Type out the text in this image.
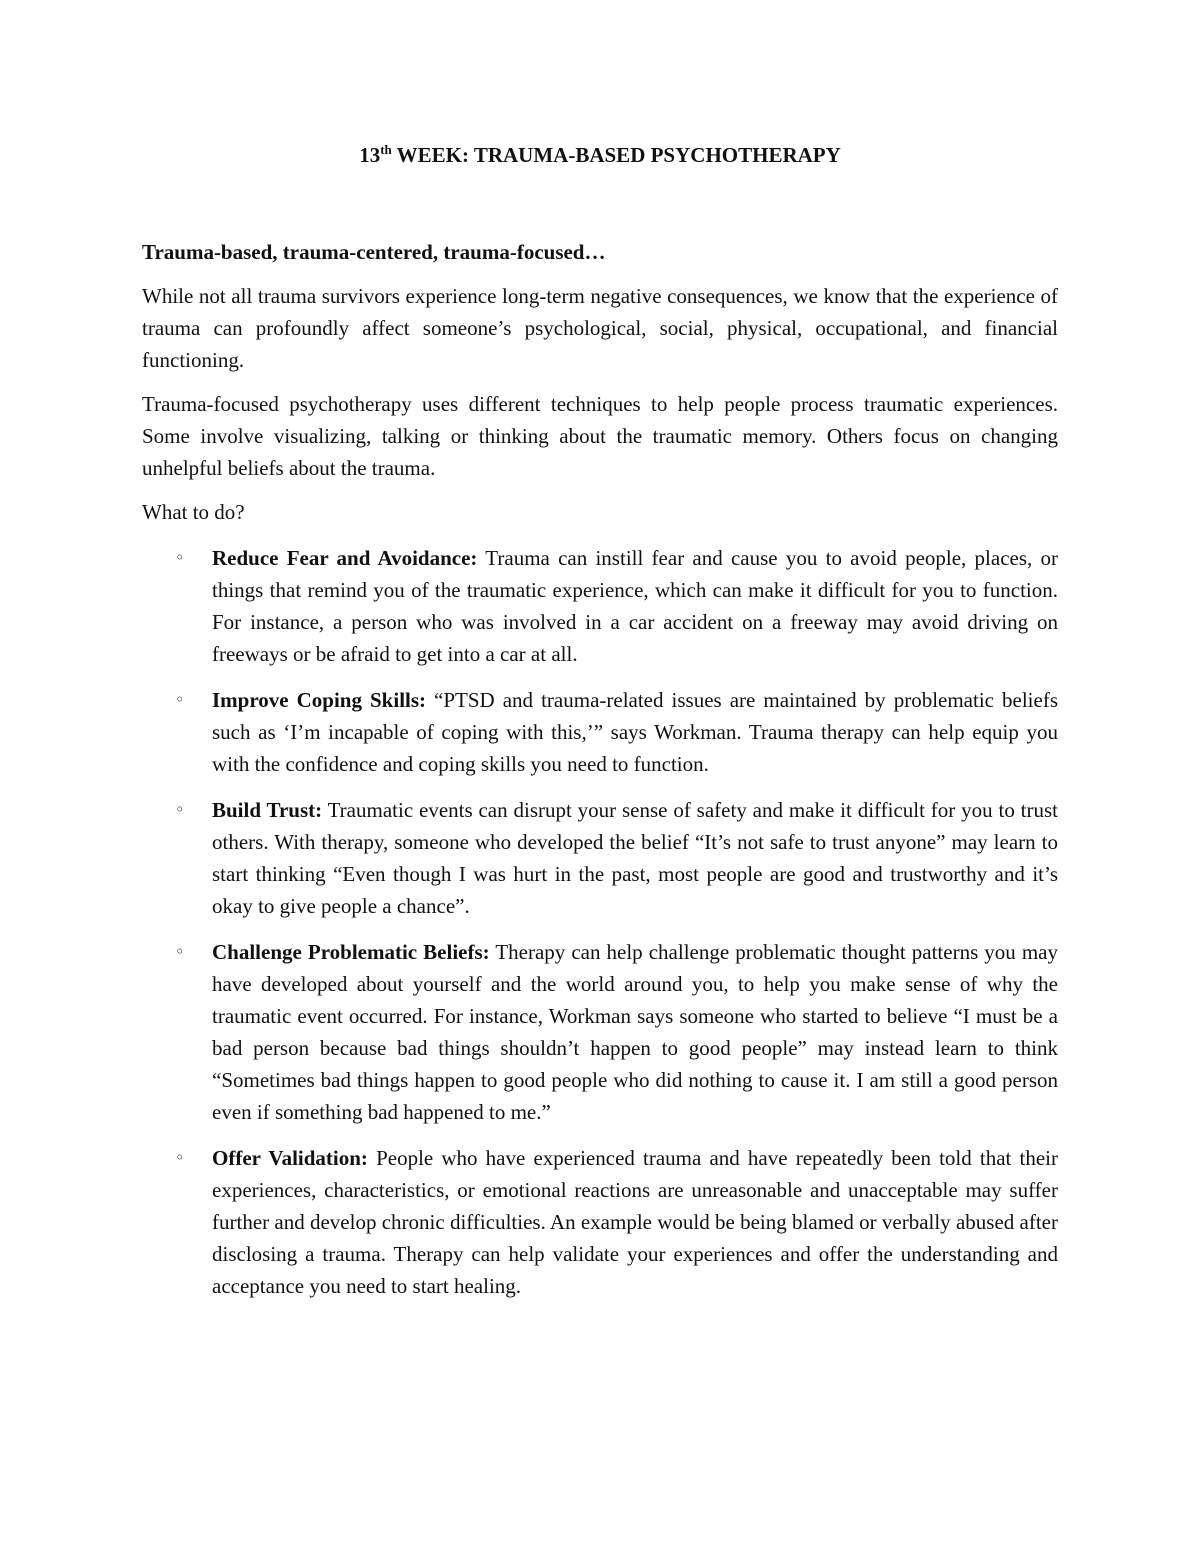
13th WEEK: TRAUMA-BASED PSYCHOTHERAPY

Trauma-based, trauma-centered, trauma-focused…

While not all trauma survivors experience long-term negative consequences, we know that the experience of trauma can profoundly affect someone’s psychological, social, physical, occupational, and financial functioning.

Trauma-focused psychotherapy uses different techniques to help people process traumatic experiences. Some involve visualizing, talking or thinking about the traumatic memory. Others focus on changing unhelpful beliefs about the trauma.

What to do?

◦ Reduce Fear and Avoidance: Trauma can instill fear and cause you to avoid people, places, or things that remind you of the traumatic experience, which can make it difficult for you to function. For instance, a person who was involved in a car accident on a freeway may avoid driving on freeways or be afraid to get into a car at all.
◦ Improve Coping Skills: “PTSD and trauma-related issues are maintained by problematic beliefs such as ‘I’m incapable of coping with this,’” says Workman. Trauma therapy can help equip you with the confidence and coping skills you need to function.
◦ Build Trust: Traumatic events can disrupt your sense of safety and make it difficult for you to trust others. With therapy, someone who developed the belief “It’s not safe to trust anyone” may learn to start thinking “Even though I was hurt in the past, most people are good and trustworthy and it’s okay to give people a chance”.
◦ Challenge Problematic Beliefs: Therapy can help challenge problematic thought patterns you may have developed about yourself and the world around you, to help you make sense of why the traumatic event occurred. For instance, Workman says someone who started to believe “I must be a bad person because bad things shouldn’t happen to good people” may instead learn to think “Sometimes bad things happen to good people who did nothing to cause it. I am still a good person even if something bad happened to me.”
◦ Offer Validation: People who have experienced trauma and have repeatedly been told that their experiences, characteristics, or emotional reactions are unreasonable and unacceptable may suffer further and develop chronic difficulties. An example would be being blamed or verbally abused after disclosing a trauma. Therapy can help validate your experiences and offer the understanding and acceptance you need to start healing.
